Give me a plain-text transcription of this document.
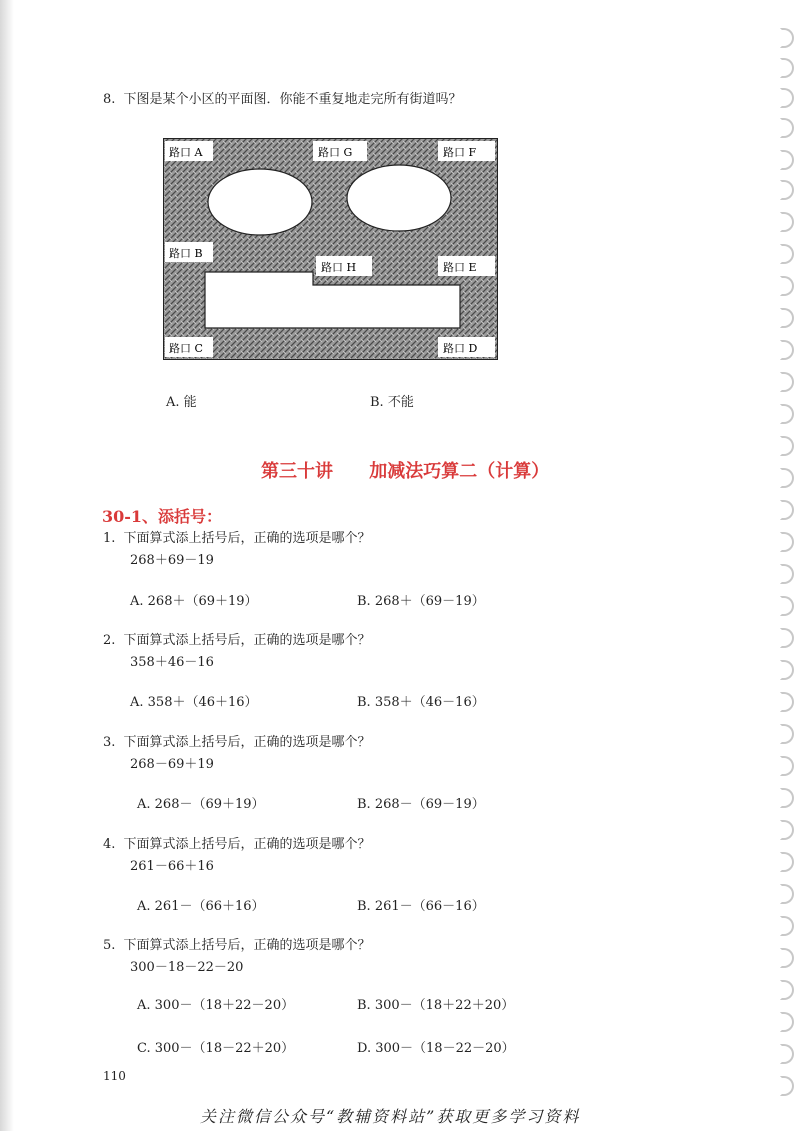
8. 下图是某个小区的平面图．你能不重复地走完所有街道吗？
路口 A	路口 G	路口 F
路口 B
路口 H	路口 E
路口 C	路口 D
A. 能	B. 不能
第三十讲 加减法巧算二（计算）
30-1、添括号：
1. 下面算式添上括号后，正确的选项是哪个？
268＋69－19
A. 268＋（69＋19）	B. 268＋（69－19）
2. 下面算式添上括号后，正确的选项是哪个？
358＋46－16
A. 358＋（46＋16）	B. 358＋（46－16）
3. 下面算式添上括号后，正确的选项是哪个？
268－69＋19
A. 268－（69＋19）	B. 268－（69－19）
4. 下面算式添上括号后，正确的选项是哪个？
261－66＋16
A. 261－（66＋16）	B. 261－（66－16）
5. 下面算式添上括号后，正确的选项是哪个？
300－18－22－20
A. 300－（18＋22－20）	B. 300－（18＋22＋20）
C. 300－（18－22＋20）	D. 300－（18－22－20）
110
关注微信公众号“教辅资料站”获取更多学习资料
